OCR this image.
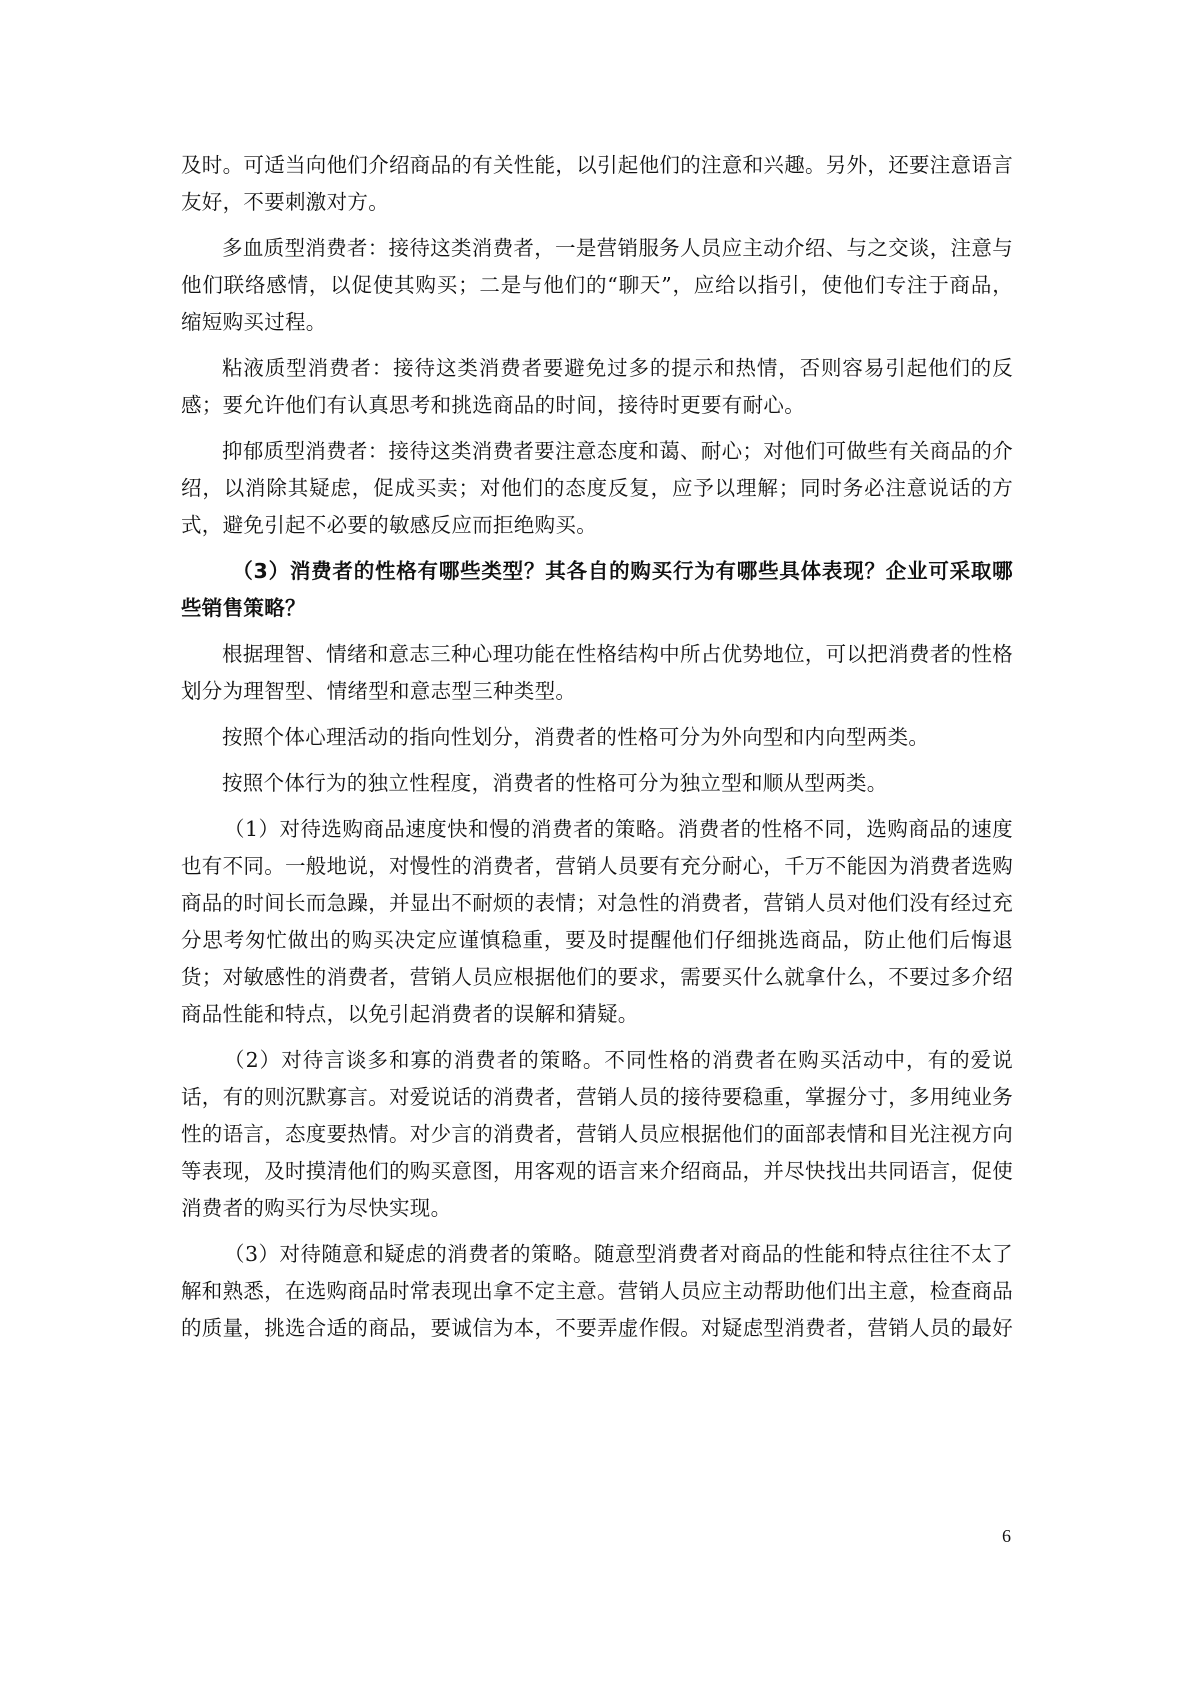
及时。可适当向他们介绍商品的有关性能，以引起他们的注意和兴趣。另外，还要注意语言友好，不要刺激对方。

多血质型消费者：接待这类消费者，一是营销服务人员应主动介绍、与之交谈，注意与他们联络感情，以促使其购买；二是与他们的“聊天”，应给以指引，使他们专注于商品，缩短购买过程。

粘液质型消费者：接待这类消费者要避免过多的提示和热情，否则容易引起他们的反感；要允许他们有认真思考和挑选商品的时间，接待时更要有耐心。

抑郁质型消费者：接待这类消费者要注意态度和蔼、耐心；对他们可做些有关商品的介绍，以消除其疑虑，促成买卖；对他们的态度反复，应予以理解；同时务必注意说话的方式，避免引起不必要的敏感反应而拒绝购买。

（3）消费者的性格有哪些类型？其各自的购买行为有哪些具体表现？企业可采取哪些销售策略？

根据理智、情绪和意志三种心理功能在性格结构中所占优势地位，可以把消费者的性格划分为理智型、情绪型和意志型三种类型。

按照个体心理活动的指向性划分，消费者的性格可分为外向型和内向型两类。

按照个体行为的独立性程度，消费者的性格可分为独立型和顺从型两类。

（1）对待选购商品速度快和慢的消费者的策略。消费者的性格不同，选购商品的速度也有不同。一般地说，对慢性的消费者，营销人员要有充分耐心，千万不能因为消费者选购商品的时间长而急躁，并显出不耐烦的表情；对急性的消费者，营销人员对他们没有经过充分思考匆忙做出的购买决定应谨慎稳重，要及时提醒他们仔细挑选商品，防止他们后悔退货；对敏感性的消费者，营销人员应根据他们的要求，需要买什么就拿什么，不要过多介绍商品性能和特点，以免引起消费者的误解和猜疑。

（2）对待言谈多和寡的消费者的策略。不同性格的消费者在购买活动中，有的爱说话，有的则沉默寡言。对爱说话的消费者，营销人员的接待要稳重，掌握分寸，多用纯业务性的语言，态度要热情。对少言的消费者，营销人员应根据他们的面部表情和目光注视方向等表现，及时摸清他们的购买意图，用客观的语言来介绍商品，并尽快找出共同语言，促使消费者的购买行为尽快实现。

（3）对待随意和疑虑的消费者的策略。随意型消费者对商品的性能和特点往往不太了解和熟悉，在选购商品时常表现出拿不定主意。营销人员应主动帮助他们出主意，检查商品的质量，挑选合适的商品，要诚信为本，不要弄虚作假。对疑虑型消费者，营销人员的最好

6
